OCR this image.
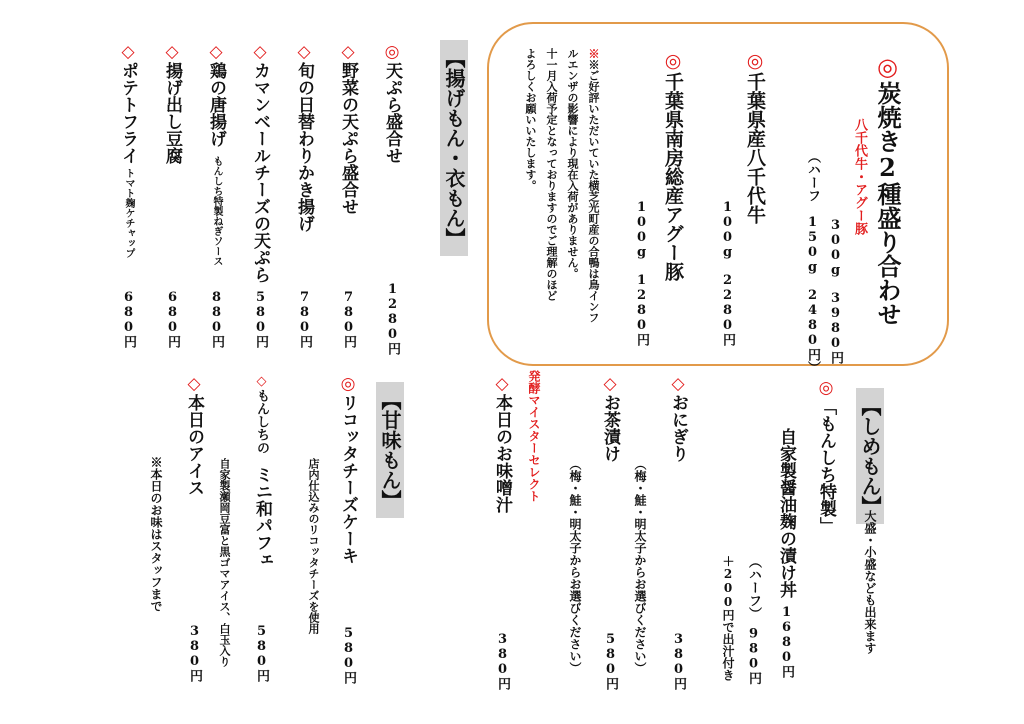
◎炭焼き2種盛り合わせ
八千代牛・アグー豚
300g　3980円
（ハーフ　150g　2480円）
◎千葉県産八千代牛
100g　2280円
◎千葉県南房総産アグー豚
100g　1280円
※※ご好評いただいていた横芝光町産の合鴨は鳥インフ
ルエンザの影響により現在入荷がありません。
十一月入荷予定となっておりますのでご理解のほど
よろしくお願いいたします。
【揚げもん・衣もん】
◎天ぷら盛合せ
1280円
◇野菜の天ぷら盛合せ
780円
◇旬の日替わりかき揚げ
780円
◇カマンベールチーズの天ぷら
580円
◇鶏の唐揚げ
もんしち特製ねぎソース
880円
◇揚げ出し豆腐
680円
◇ポテトフライ
トマト麹ケチャップ
680円
【しめもん】
大盛・小盛なども出来ます
◎「もんしち特製」
自家製醤油麹の漬け丼
1680円
（ハーフ）　980円
＋200円で出汁付き
◇おにぎり
（梅・鮭・明太子からお選びください） 380円
◇お茶漬け
（梅・鮭・明太子からお選びください） 580円
発酵マイスターセレクト
◇本日のお味噌汁
380円
【甘味もん】
◎リコッタチーズケーキ
店内仕込みのリコッタチーズを使用
580円
◇もんしちの
ミニ和パフェ
自家製瀬岡豆富と黒ゴマアイス、白玉入り 580円
◇本日のアイス
※本日のお味はスタッフまで
380円
